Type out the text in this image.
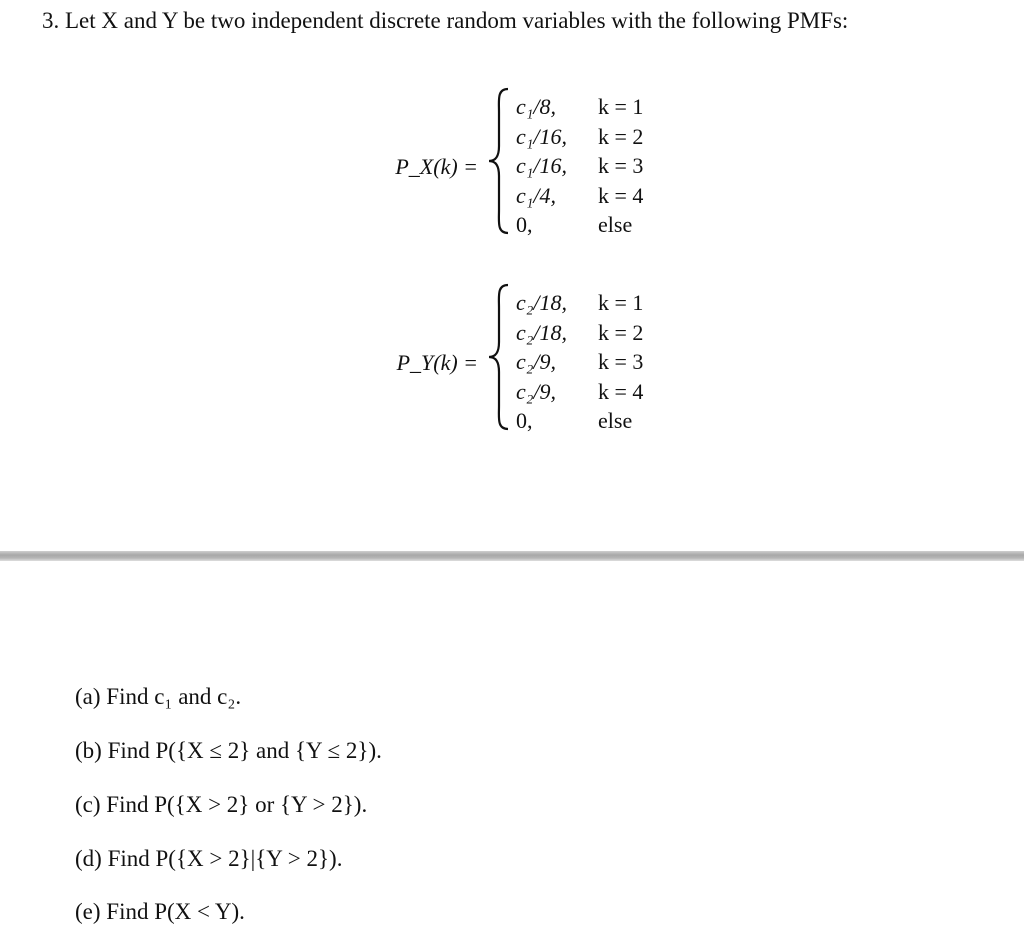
3. Let X and Y be two independent discrete random variables with the following PMFs:
P_X(k) =
c₁/8, k = 1
c₁/16, k = 2
c₁/16, k = 3
c₁/4, k = 4
0,	else
P_Y(k) =
c₂/18, k = 1
c₂/18, k = 2
c₂/9, k = 3
c₂/9, k = 4
0,	else
(a) Find c₁ and c₂.
(b) Find P({X ≤ 2} and {Y ≤ 2}).
(c) Find P({X > 2} or {Y > 2}).
(d) Find P({X > 2}|{Y > 2}).
(e) Find P(X < Y).
